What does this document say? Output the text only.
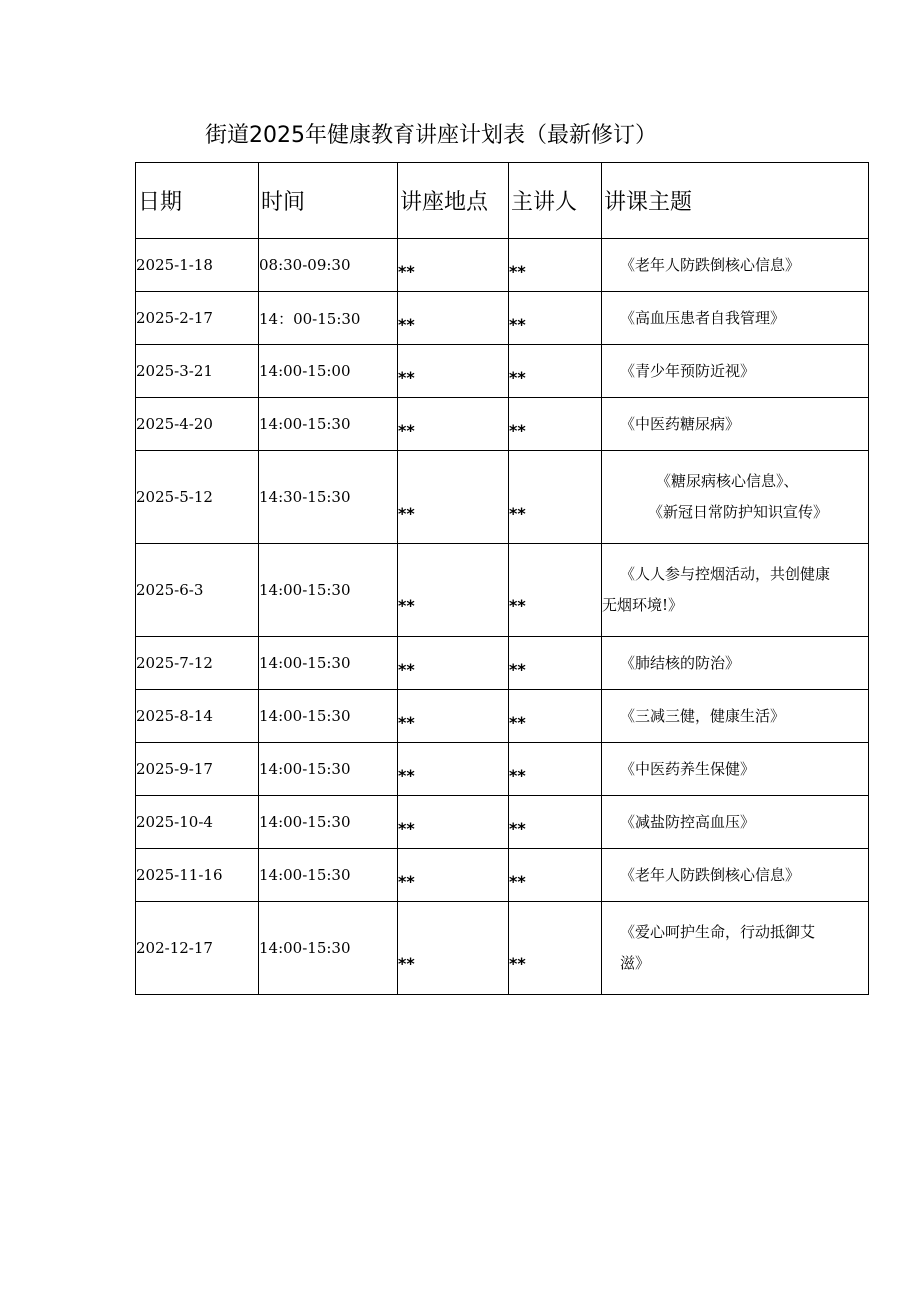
街道2025年健康教育讲座计划表（最新修订）
日期	时间	讲座地点	主讲人	讲课主题
2025-1-18	08:30-09:30	**	**	《老年人防跌倒核心信息》

2025-2-17	14：00-15:30	**	**	《高血压患者自我管理》

2025-3-21	14:00-15:00	**	**	《青少年预防近视》

2025-4-20	14:00-15:30	**	**	《中医药糖尿病》

2025-5-12	14:30-15:30	**	**	《糖尿病核心信息》、
《新冠日常防护知识宣传》

2025-6-3	14:00-15:30	**	**	《人人参与控烟活动，共创健康
无烟环境!》

2025-7-12	14:00-15:30	**	**	《肺结核的防治》

2025-8-14	14:00-15:30	**	**	《三减三健，健康生活》

2025-9-17	14:00-15:30	**	**	《中医药养生保健》

2025-10-4	14:00-15:30	**	**	《减盐防控高血压》

2025-11-16	14:00-15:30	**	**	《老年人防跌倒核心信息》

202-12-17	14:00-15:30	**	**	《爱心呵护生命，行动抵御艾
滋》
